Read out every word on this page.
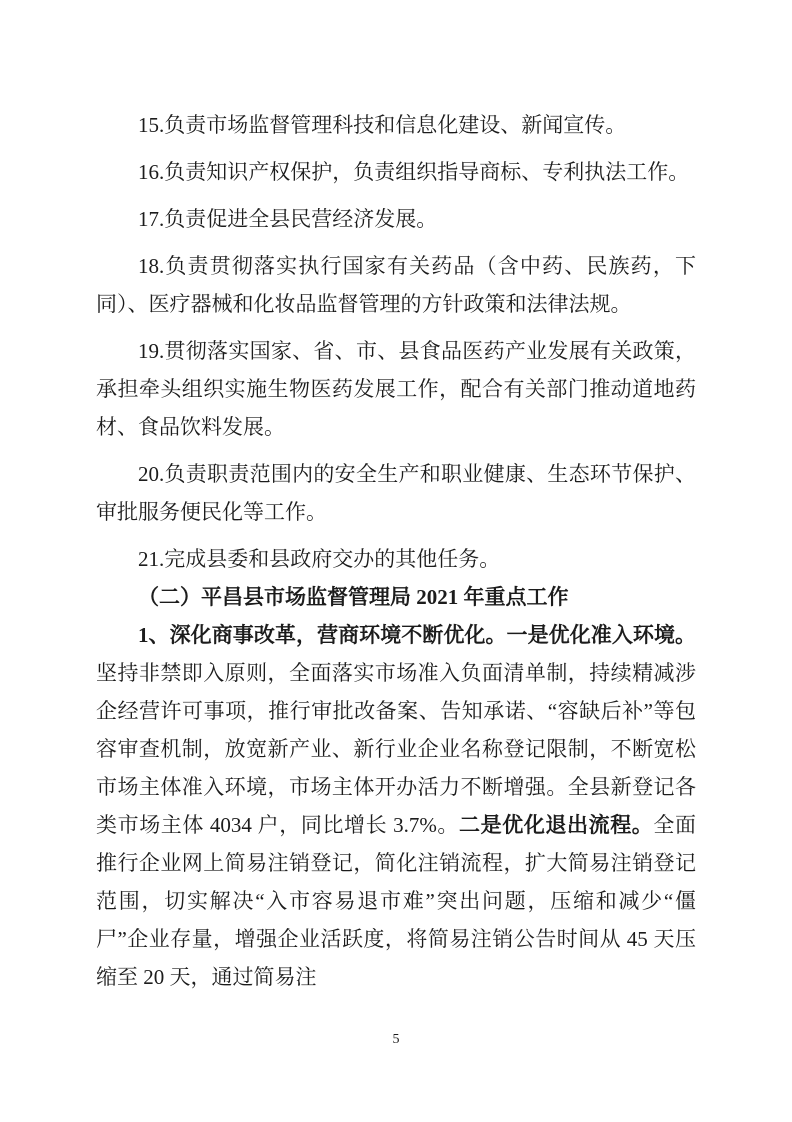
15.负责市场监督管理科技和信息化建设、新闻宣传。

16.负责知识产权保护，负责组织指导商标、专利执法工作。

17.负责促进全县民营经济发展。

18.负责贯彻落实执行国家有关药品（含中药、民族药，下同）、医疗器械和化妆品监督管理的方针政策和法律法规。

19.贯彻落实国家、省、市、县食品医药产业发展有关政策，承担牵头组织实施生物医药发展工作，配合有关部门推动道地药材、食品饮料发展。

20.负责职责范围内的安全生产和职业健康、生态环节保护、审批服务便民化等工作。

21.完成县委和县政府交办的其他任务。

（二）平昌县市场监督管理局 2021 年重点工作

1、深化商事改革，营商环境不断优化。一是优化准入环境。坚持非禁即入原则，全面落实市场准入负面清单制，持续精减涉企经营许可事项，推行审批改备案、告知承诺、“容缺后补”等包容审查机制，放宽新产业、新行业企业名称登记限制，不断宽松市场主体准入环境，市场主体开办活力不断增强。全县新登记各类市场主体 4034 户，同比增长 3.7%。二是优化退出流程。全面推行企业网上简易注销登记，简化注销流程，扩大简易注销登记范围，切实解决“入市容易退市难”突出问题，压缩和减少“僵尸”企业存量，增强企业活跃度，将简易注销公告时间从 45 天压缩至 20 天，通过简易注

5
